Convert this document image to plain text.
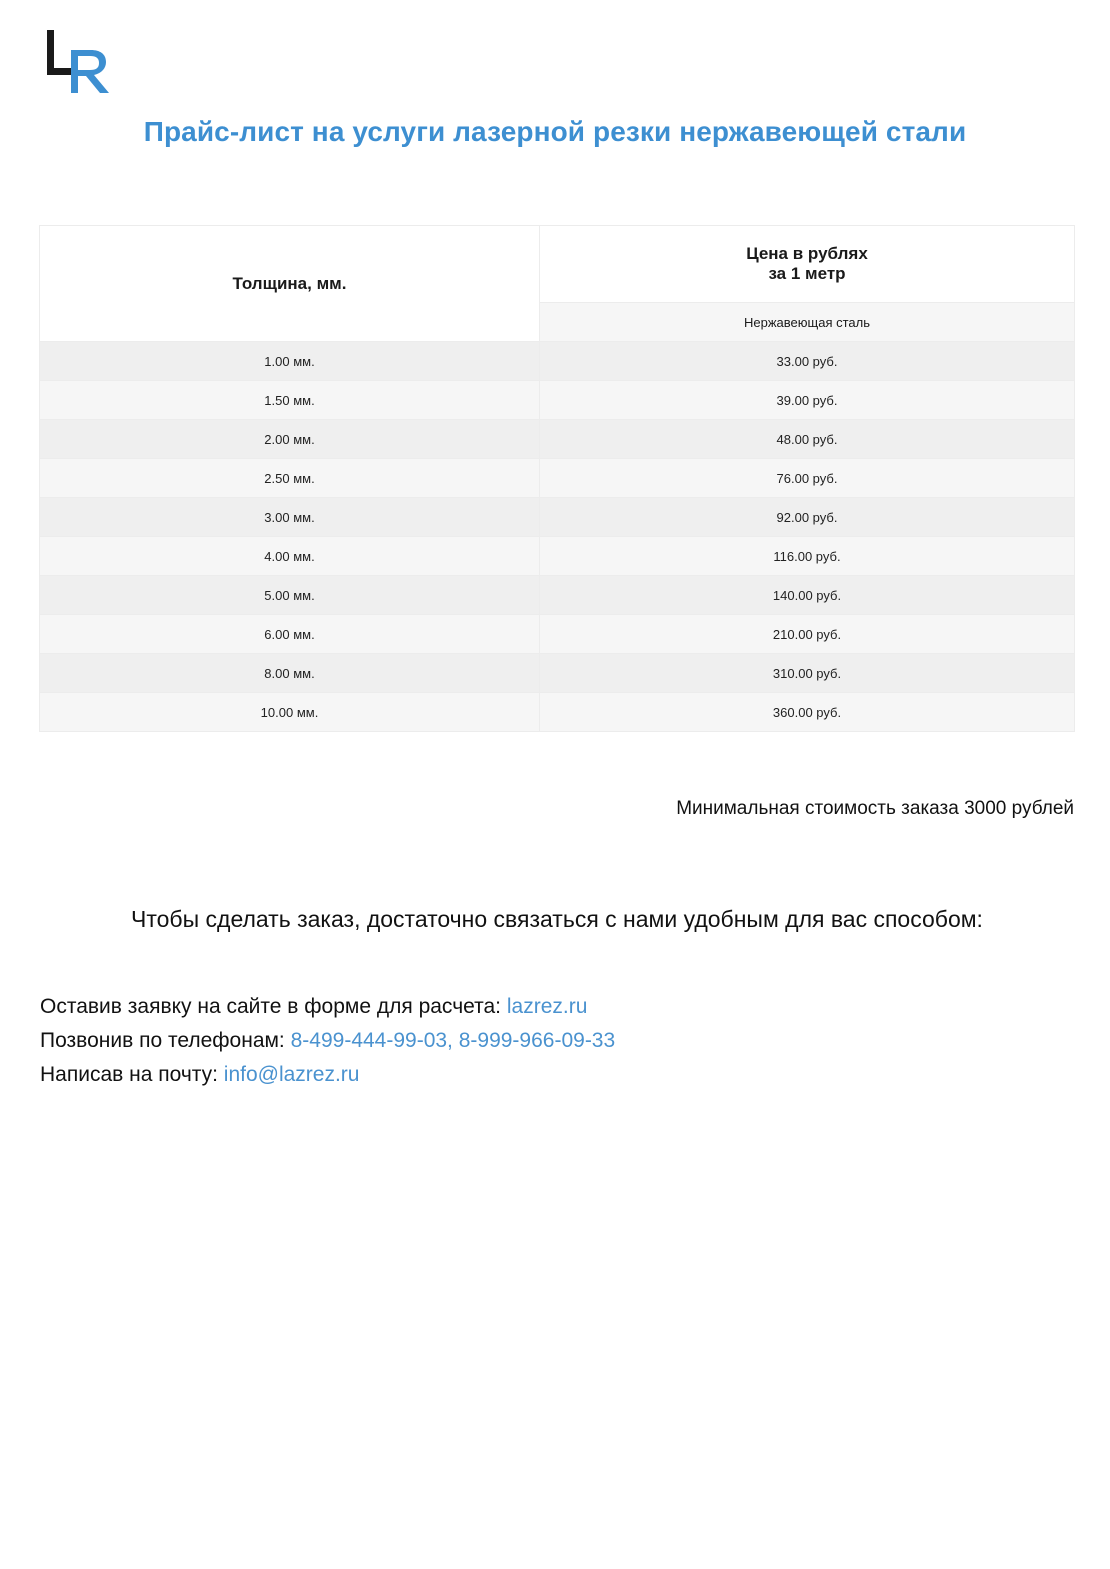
Прайс-лист на услуги лазерной резки нержавеющей стали
Толщина, мм.	Цена в рублях
за 1 метр
	Нержавеющая сталь
1.00 мм.	33.00 руб.
1.50 мм.	39.00 руб.
2.00 мм.	48.00 руб.
2.50 мм.	76.00 руб.
3.00 мм.	92.00 руб.
4.00 мм.	116.00 руб.
5.00 мм.	140.00 руб.
6.00 мм.	210.00 руб.
8.00 мм.	310.00 руб.
10.00 мм.	360.00 руб.
Минимальная стоимость заказа 3000 рублей
Чтобы сделать заказ, достаточно связаться с нами удобным для вас способом:
Оставив заявку на сайте в форме для расчета: lazrez.ru
Позвонив по телефонам: 8-499-444-99-03, 8-999-966-09-33
Написав на почту: info@lazrez.ru
